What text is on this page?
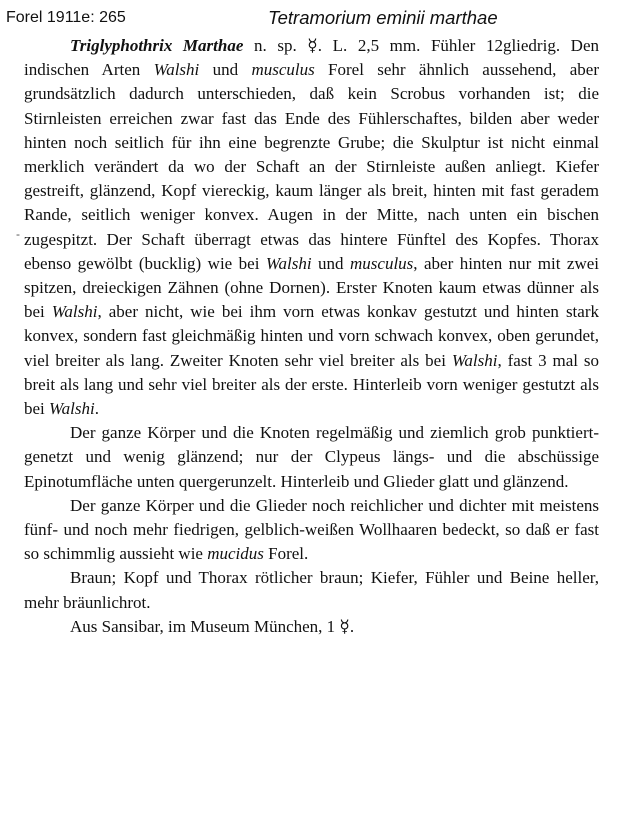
Forel 1911e: 265	Tetramorium eminii marthae
-

Triglyphothrix Marthae n. sp. ☿. L. 2,5 mm. Fühler 12gliedrig. Den indischen Arten Walshi und musculus Forel sehr ähnlich aussehend, aber grundsätzlich dadurch unterschieden, daß kein Scrobus vorhanden ist; die Stirnleisten erreichen zwar fast das Ende des Fühlerschaftes, bilden aber weder hinten noch seitlich für ihn eine begrenzte Grube; die Skulptur ist nicht einmal merklich verändert da wo der Schaft an der Stirnleiste außen anliegt. Kiefer gestreift, glänzend, Kopf viereckig, kaum länger als breit, hinten mit fast geradem Rande, seitlich weniger konvex. Augen in der Mitte, nach unten ein bischen zugespitzt. Der Schaft überragt etwas das hintere Fünftel des Kopfes. Thorax ebenso gewölbt (bucklig) wie bei Walshi und musculus, aber hinten nur mit zwei spitzen, dreieckigen Zähnen (ohne Dornen). Erster Knoten kaum etwas dünner als bei Walshi, aber nicht, wie bei ihm vorn etwas konkav gestutzt und hinten stark konvex, sondern fast gleichmäßig hinten und vorn schwach konvex, oben gerundet, viel breiter als lang. Zweiter Knoten sehr viel breiter als bei Walshi, fast 3 mal so breit als lang und sehr viel breiter als der erste. Hinterleib vorn weniger gestutzt als bei Walshi.

Der ganze Körper und die Knoten regelmäßig und ziemlich grob punktiert-genetzt und wenig glänzend; nur der Clypeus längs- und die abschüssige Epinotumfläche unten quergerunzelt. Hinterleib und Glieder glatt und glänzend.

Der ganze Körper und die Glieder noch reichlicher und dichter mit meistens fünf- und noch mehr fiedrigen, gelblich-weißen Wollhaaren bedeckt, so daß er fast so schimmlig aussieht wie mucidus Forel.

Braun; Kopf und Thorax rötlicher braun; Kiefer, Fühler und Beine heller, mehr bräunlichrot.

Aus Sansibar, im Museum München, 1 ☿.
